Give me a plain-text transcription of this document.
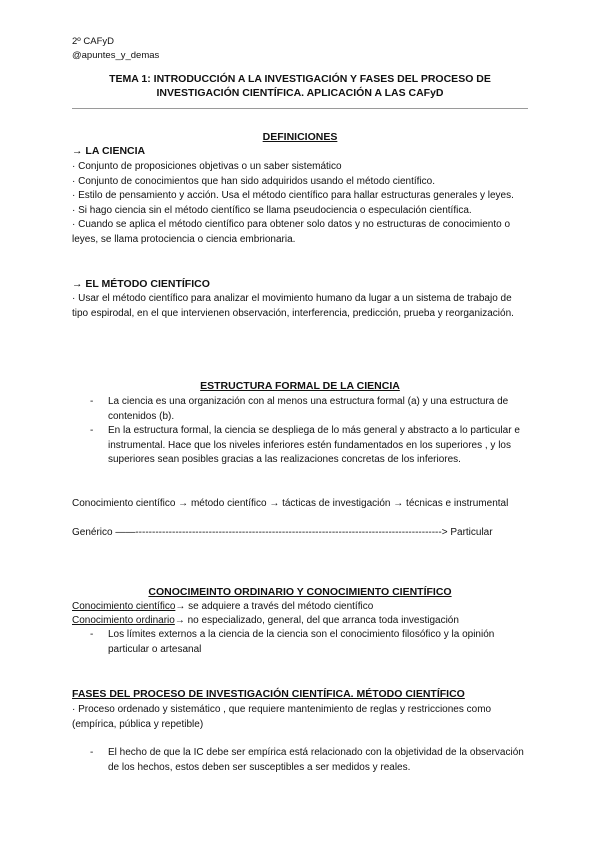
2º CAFyD
@apuntes_y_demas
TEMA 1: INTRODUCCIÓN A LA INVESTIGACIÓN Y FASES DEL PROCESO DE INVESTIGACIÓN CIENTÍFICA. APLICACIÓN A LAS CAFyD
DEFINICIONES
→ LA CIENCIA
· Conjunto de proposiciones objetivas o un saber sistemático
· Conjunto de conocimientos que han sido adquiridos usando el método científico.
· Estilo de pensamiento y acción. Usa el método científico para hallar estructuras generales y leyes.
· Si hago ciencia sin el método científico se llama pseudociencia o especulación científica.
· Cuando se aplica el método científico para obtener solo datos y no estructuras de conocimiento o leyes, se llama protociencia o ciencia embrionaria.
→ EL MÉTODO CIENTÍFICO
· Usar el método científico para analizar el movimiento humano da lugar a un sistema de trabajo de tipo espirodal, en el que intervienen observación, interferencia, predicción, prueba y reorganización.
ESTRUCTURA FORMAL DE LA CIENCIA
- La ciencia es una organización con al menos una estructura formal (a) y una estructura de contenidos (b).
- En la estructura formal, la ciencia se despliega de lo más general y abstracto a lo particular e instrumental. Hace que los niveles inferiores estén fundamentados en los superiores , y los superiores sean posibles gracias a las realizaciones concretas de los inferiores.
Conocimiento científico → método científico → tácticas de investigación → técnicas e instrumental
Genérico ——--------------------------------------------------------------------------------------------> Particular
CONOCIMEINTO ORDINARIO Y CONOCIMIENTO CIENTÍFICO
Conocimiento científico→ se adquiere a través del método científico
Conocimiento ordinario→ no especializado, general, del que arranca toda investigación
- Los límites externos a la ciencia de la ciencia son el conocimiento filosófico y la opinión particular o artesanal
FASES DEL PROCESO DE INVESTIGACIÓN CIENTÍFICA. MÉTODO CIENTÍFICO
· Proceso ordenado y sistemático , que requiere mantenimiento de reglas y restricciones como (empírica, pública y repetible)
- El hecho de que la IC debe ser empírica está relacionado con la objetividad de la observación de los hechos, estos deben ser susceptibles a ser medidos y reales.
